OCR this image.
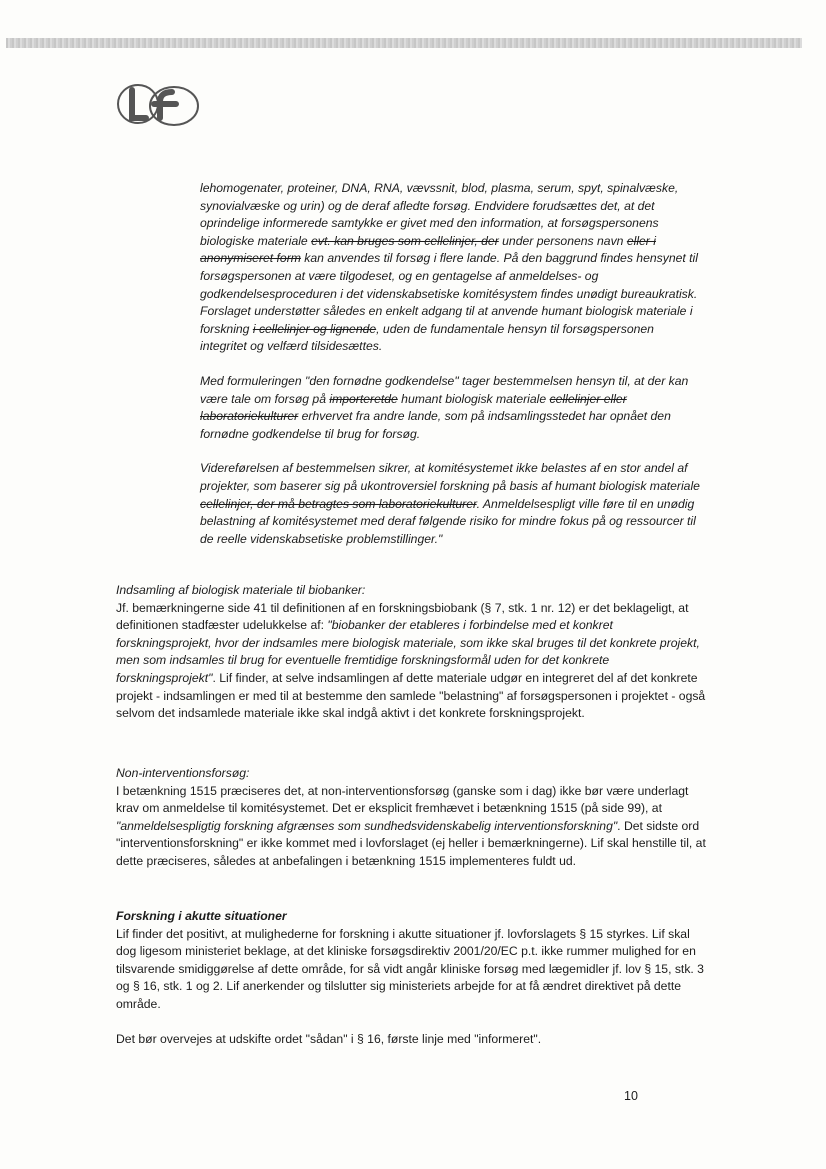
lehomogenater, proteiner, DNA, RNA, vævssnit, blod, plasma, serum, spyt, spinalvæske, synovialvæske og urin) og de deraf afledte forsøg. Endvidere forudsættes det, at det oprindelige informerede samtykke er givet med den information, at forsøgspersonens biologiske materiale evt. kan bruges som cellelinjer, der under personens navn eller i anonymiseret form kan anvendes til forsøg i flere lande. På den baggrund findes hensynet til forsøgspersonen at være tilgodeset, og en gentagelse af anmeldelses- og godkendelsesproceduren i det videnskabsetiske komitésystem findes unødigt bureaukratisk. Forslaget understøtter således en enkelt adgang til at anvende humant biologisk materiale i forskning i cellelinjer og lignende, uden de fundamentale hensyn til forsøgspersonen integritet og velfærd tilsidesættes.

Med formuleringen "den fornødne godkendelse" tager bestemmelsen hensyn til, at der kan være tale om forsøg på importeretde humant biologisk materiale cellelinjer eller laboratoriekulturer erhvervet fra andre lande, som på indsamlingsstedet har opnået den fornødne godkendelse til brug for forsøg.

Videreførelsen af bestemmelsen sikrer, at komitésystemet ikke belastes af en stor andel af projekter, som baserer sig på ukontroversiel forskning på basis af humant biologisk materiale cellelinjer, der må betragtes som laboratoriekulturer. Anmeldelsespligt ville føre til en unødig belastning af komitésystemet med deraf følgende risiko for mindre fokus på og ressourcer til de reelle videnskabsetiske problemstillinger."

Indsamling af biologisk materiale til biobanker:

Jf. bemærkningerne side 41 til definitionen af en forskningsbiobank (§ 7, stk. 1 nr. 12) er det beklageligt, at definitionen stadfæster udelukkelse af: "biobanker der etableres i forbindelse med et konkret forskningsprojekt, hvor der indsamles mere biologisk materiale, som ikke skal bruges til det konkrete projekt, men som indsamles til brug for eventuelle fremtidige forskningsformål uden for det konkrete forskningsprojekt". Lif finder, at selve indsamlingen af dette materiale udgør en integreret del af det konkrete projekt - indsamlingen er med til at bestemme den samlede "belastning" af forsøgspersonen i projektet - også selvom det indsamlede materiale ikke skal indgå aktivt i det konkrete forskningsprojekt.

Non-interventionsforsøg:

I betænkning 1515 præciseres det, at non-interventionsforsøg (ganske som i dag) ikke bør være underlagt krav om anmeldelse til komitésystemet. Det er eksplicit fremhævet i betænkning 1515 (på side 99), at "anmeldelsespligtig forskning afgrænses som sundhedsvidenskabelig interventionsforskning". Det sidste ord "interventionsforskning" er ikke kommet med i lovforslaget (ej heller i bemærkningerne). Lif skal henstille til, at dette præciseres, således at anbefalingen i betænkning 1515 implementeres fuldt ud.

Forskning i akutte situationer

Lif finder det positivt, at mulighederne for forskning i akutte situationer jf. lovforslagets § 15 styrkes. Lif skal dog ligesom ministeriet beklage, at det kliniske forsøgsdirektiv 2001/20/EC p.t. ikke rummer mulighed for en tilsvarende smidiggørelse af dette område, for så vidt angår kliniske forsøg med lægemidler jf. lov § 15, stk. 3 og § 16, stk. 1 og 2. Lif anerkender og tilslutter sig ministeriets arbejde for at få ændret direktivet på dette område.

Det bør overvejes at udskifte ordet "sådan" i § 16, første linje med "informeret".

10
